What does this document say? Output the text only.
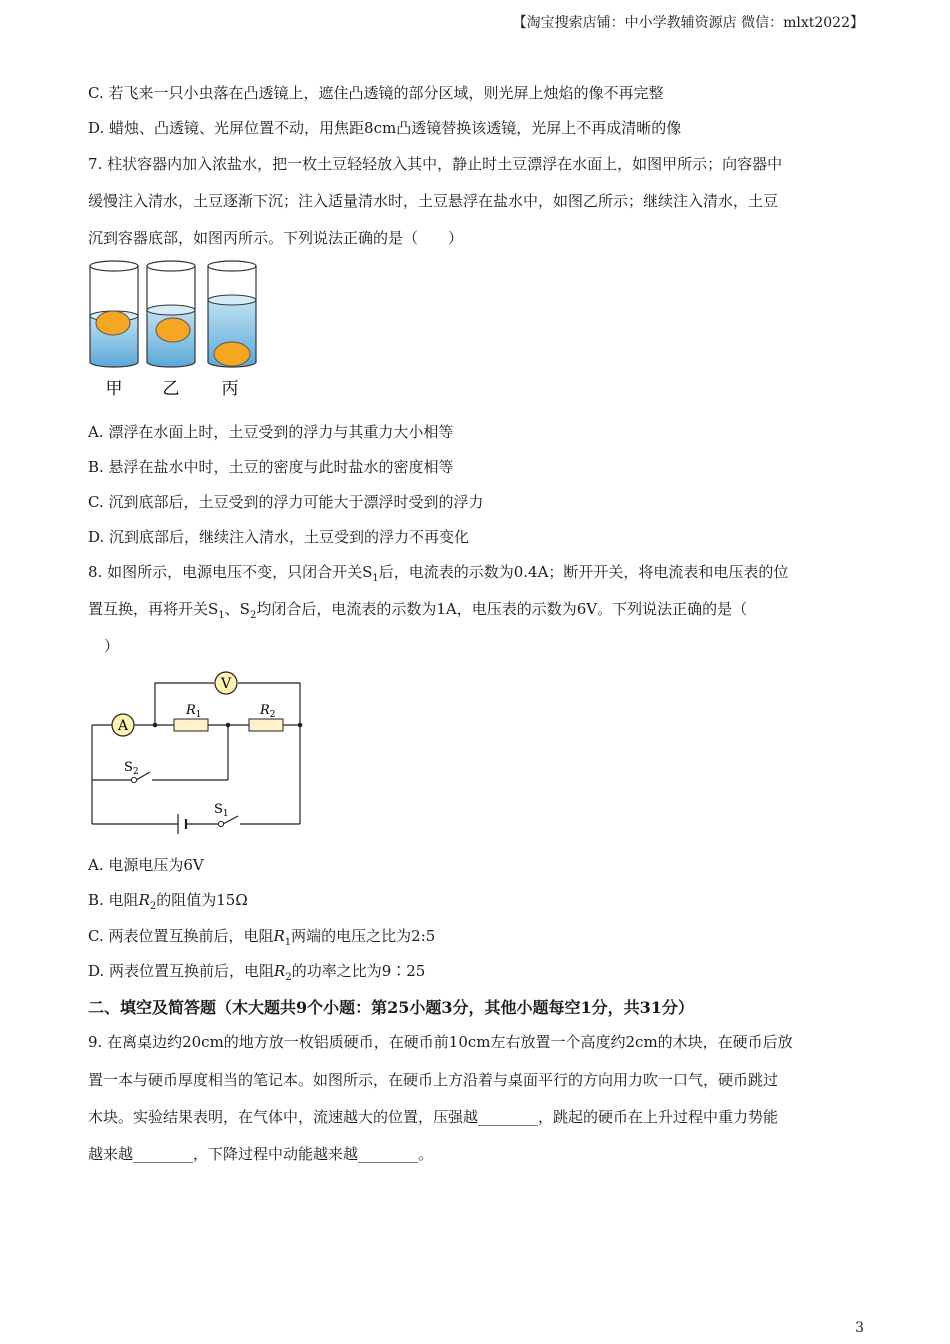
【淘宝搜索店铺：中小学教辅资源店 微信：mlxt2022】
C. 若飞来一只小虫落在凸透镜上，遮住凸透镜的部分区域，则光屏上烛焰的像不再完整
D. 蜡烛、凸透镜、光屏位置不动，用焦距8cm凸透镜替换该透镜，光屏上不再成清晰的像
7. 柱状容器内加入浓盐水，把一枚土豆轻轻放入其中，静止时土豆漂浮在水面上，如图甲所示；向容器中
缓慢注入清水，土豆逐渐下沉；注入适量清水时，土豆悬浮在盐水中，如图乙所示；继续注入清水，土豆
沉到容器底部，如图丙所示。下列说法正确的是（　　）
甲 乙 丙
A. 漂浮在水面上时，土豆受到的浮力与其重力大小相等
B. 悬浮在盐水中时，土豆的密度与此时盐水的密度相等
C. 沉到底部后，土豆受到的浮力可能大于漂浮时受到的浮力
D. 沉到底部后，继续注入清水，土豆受到的浮力不再变化
8. 如图所示，电源电压不变，只闭合开关$S_1$后，电流表的示数为0.4A；断开开关，将电流表和电压表的位
置互换，再将开关$S_1$、$S_2$均闭合后，电流表的示数为1A，电压表的示数为6V。下列说法正确的是（
）
V
A
$R_1$	$R_2$
$S_2$
$S_1$
A. 电源电压为6V
B. 电阻$R_2$的阻值为15Ω
C. 两表位置互换前后，电阻$R_1$两端的电压之比为2:5
D. 两表位置互换前后，电阻$R_2$的功率之比为9∶25
二、填空及简答题（木大题共9个小题：第25小题3分，其他小题每空1分，共31分）
9. 在离桌边约20cm的地方放一枚铝质硬币，在硬币前10cm左右放置一个高度约2cm的木块，在硬币后放
置一本与硬币厚度相当的笔记本。如图所示，在硬币上方沿着与桌面平行的方向用力吹一口气，硬币跳过
木块。实验结果表明，在气体中，流速越大的位置，压强越________，跳起的硬币在上升过程中重力势能
越来越________，下降过程中动能越来越________。
3
